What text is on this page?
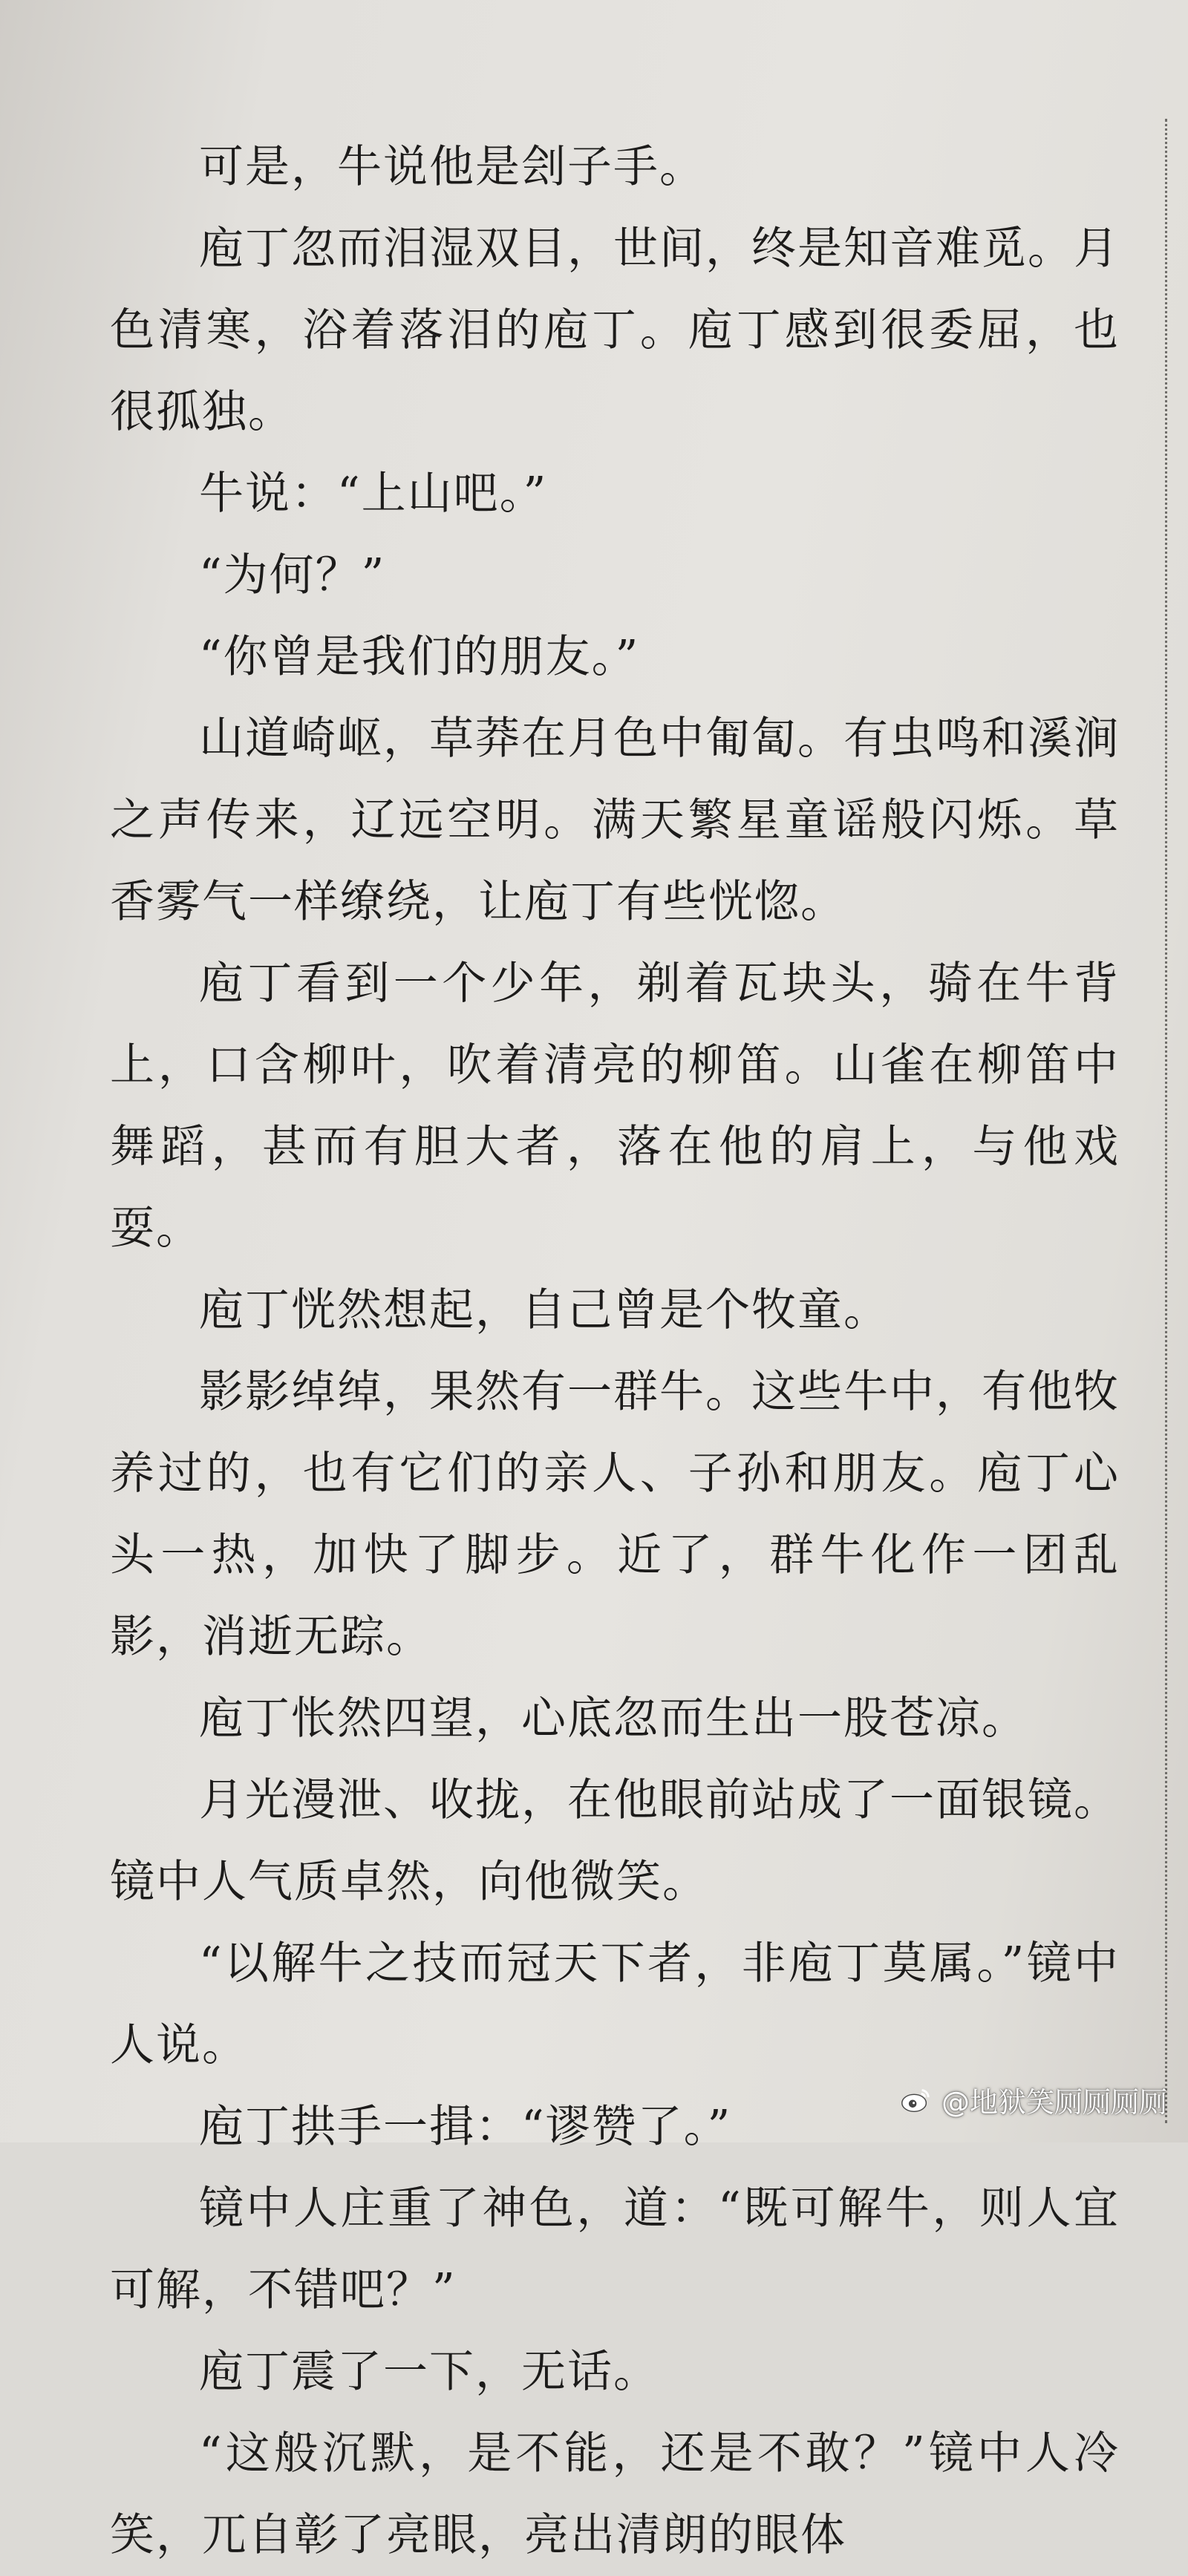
可是，牛说他是刽子手。

庖丁忽而泪湿双目，世间，终是知音难觅。月色清寒，浴着落泪的庖丁。庖丁感到很委屈，也很孤独。

牛说：“上山吧。”

“为何？”

“你曾是我们的朋友。”

山道崎岖，草莽在月色中匍匐。有虫鸣和溪涧之声传来，辽远空明。满天繁星童谣般闪烁。草香雾气一样缭绕，让庖丁有些恍惚。

庖丁看到一个少年，剃着瓦块头，骑在牛背上，口含柳叶，吹着清亮的柳笛。山雀在柳笛中舞蹈，甚而有胆大者，落在他的肩上，与他戏耍。

庖丁恍然想起，自己曾是个牧童。

影影绰绰，果然有一群牛。这些牛中，有他牧养过的，也有它们的亲人、子孙和朋友。庖丁心头一热，加快了脚步。近了，群牛化作一团乱影，消逝无踪。

庖丁怅然四望，心底忽而生出一股苍凉。

月光漫泄、收拢，在他眼前站成了一面银镜。镜中人气质卓然，向他微笑。

“以解牛之技而冠天下者，非庖丁莫属。”镜中人说。

庖丁拱手一揖：“谬赞了。”

镜中人庄重了神色，道：“既可解牛，则人宜可解，不错吧？”

庖丁震了一下，无话。

“这般沉默，是不能，还是不敢？”镜中人冷笑，兀自彰了亮眼，亮出清朗的眼体

@地狱笑厕厕厕厕
